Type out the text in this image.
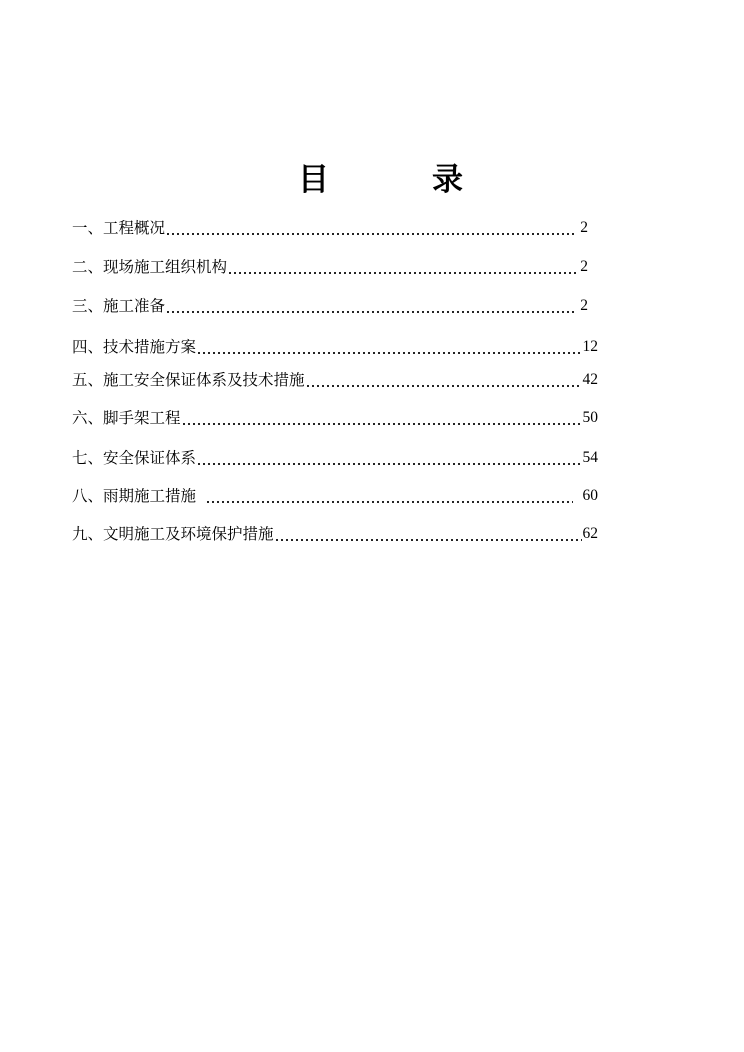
目	录
一、工程概况	2
二、现场施工组织机构	2
三、施工准备	2
四、技术措施方案	12
五、施工安全保证体系及技术措施	42
六、脚手架工程	50
七、安全保证体系	54
八、雨期施工措施	60
九、文明施工及环境保护措施	62
